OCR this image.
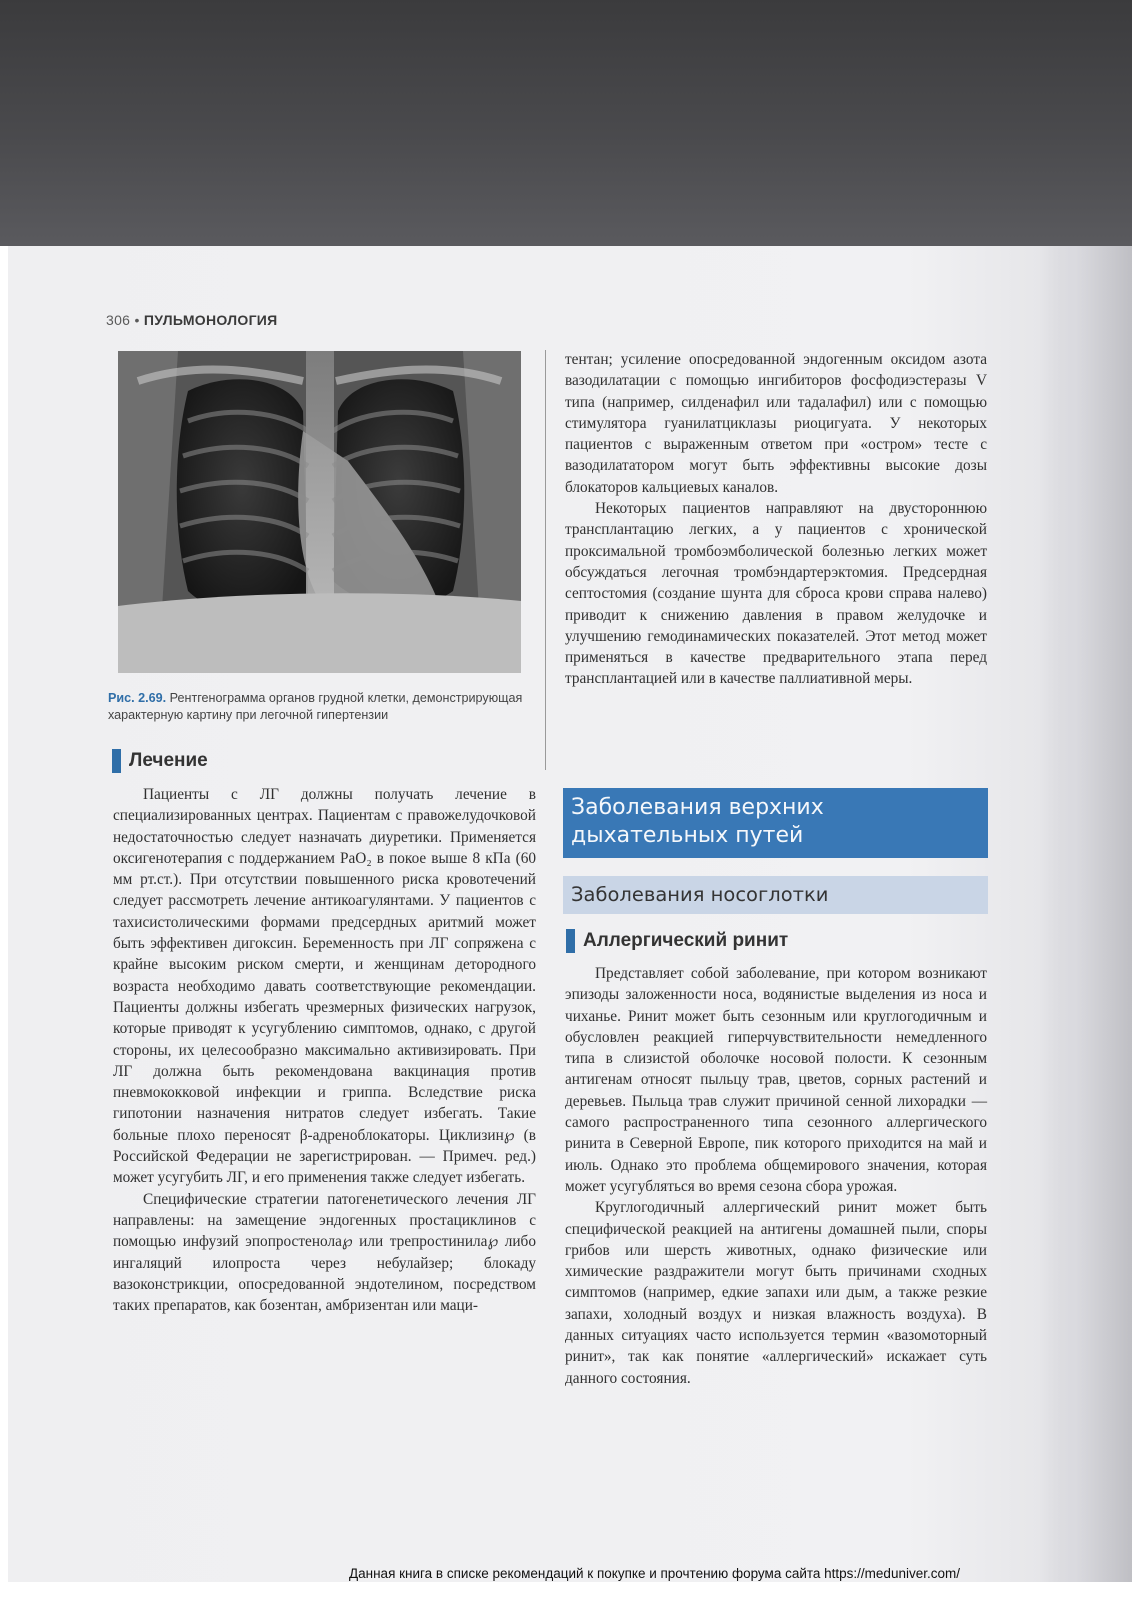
306 • ПУЛЬМОНОЛОГИЯ
Рис. 2.69. Рентгенограмма органов грудной клетки, демонстрирующая характерную картину при легочной гипертензии
Лечение

Пациенты с ЛГ должны получать лечение в специализированных центрах. Пациентам с правожелудочковой недостаточностью следует назначать диуретики. Применяется оксигенотерапия с поддержанием PaO₂ в покое выше 8 кПа (60 мм рт.ст.). При отсутствии повышенного риска кровотечений следует рассмотреть лечение антикоагулянтами. У пациентов с тахисистолическими формами предсердных аритмий может быть эффективен дигоксин. Беременность при ЛГ сопряжена с крайне высоким риском смерти, и женщинам детородного возраста необходимо давать соответствующие рекомендации. Пациенты должны избегать чрезмерных физических нагрузок, которые приводят к усугублению симптомов, однако, с другой стороны, их целесообразно максимально активизировать. При ЛГ должна быть рекомендована вакцинация против пневмококковой инфекции и гриппа. Вследствие риска гипотонии назначения нитратов следует избегать. Такие больные плохо переносят β-адреноблокаторы. Циклизин℘ (в Российской Федерации не зарегистрирован. — Примеч. ред.) может усугубить ЛГ, и его применения также следует избегать.

Специфические стратегии патогенетического лечения ЛГ направлены: на замещение эндогенных простациклинов с помощью инфузий эпопростенола℘ или трепростинила℘ либо ингаляций илопроста через небулайзер; блокаду вазоконстрикции, опосредованной эндотелином, посредством таких препаратов, как бозентан, амбризентан или маци-

тентан; усиление опосредованной эндогенным оксидом азота вазодилатации с помощью ингибиторов фосфодиэстеразы V типа (например, силденафил или тадалафил) или с помощью стимулятора гуанилатциклазы риоцигуата. У некоторых пациентов с выраженным ответом при «остром» тесте с вазодилататором могут быть эффективны высокие дозы блокаторов кальциевых каналов.

Некоторых пациентов направляют на двустороннюю трансплантацию легких, а у пациентов с хронической проксимальной тромбоэмболической болезнью легких может обсуждаться легочная тромбэндартерэктомия. Предсердная септостомия (создание шунта для сброса крови справа налево) приводит к снижению давления в правом желудочке и улучшению гемодинамических показателей. Этот метод может применяться в качестве предварительного этапа перед трансплантацией или в качестве паллиативной меры.

Заболевания верхних дыхательных путей
Заболевания носоглотки
Аллергический ринит

Представляет собой заболевание, при котором возникают эпизоды заложенности носа, водянистые выделения из носа и чиханье. Ринит может быть сезонным или круглогодичным и обусловлен реакцией гиперчувствительности немедленного типа в слизистой оболочке носовой полости. К сезонным антигенам относят пыльцу трав, цветов, сорных растений и деревьев. Пыльца трав служит причиной сенной лихорадки — самого распространенного типа сезонного аллергического ринита в Северной Европе, пик которого приходится на май и июль. Однако это проблема общемирового значения, которая может усугубляться во время сезона сбора урожая.

Круглогодичный аллергический ринит может быть специфической реакцией на антигены домашней пыли, споры грибов или шерсть животных, однако физические или химические раздражители могут быть причинами сходных симптомов (например, едкие запахи или дым, а также резкие запахи, холодный воздух и низкая влажность воздуха). В данных ситуациях часто используется термин «вазомоторный ринит», так как понятие «аллергический» искажает суть данного состояния.

Данная книга в списке рекомендаций к покупке и прочтению форума сайта https://meduniver.com/
